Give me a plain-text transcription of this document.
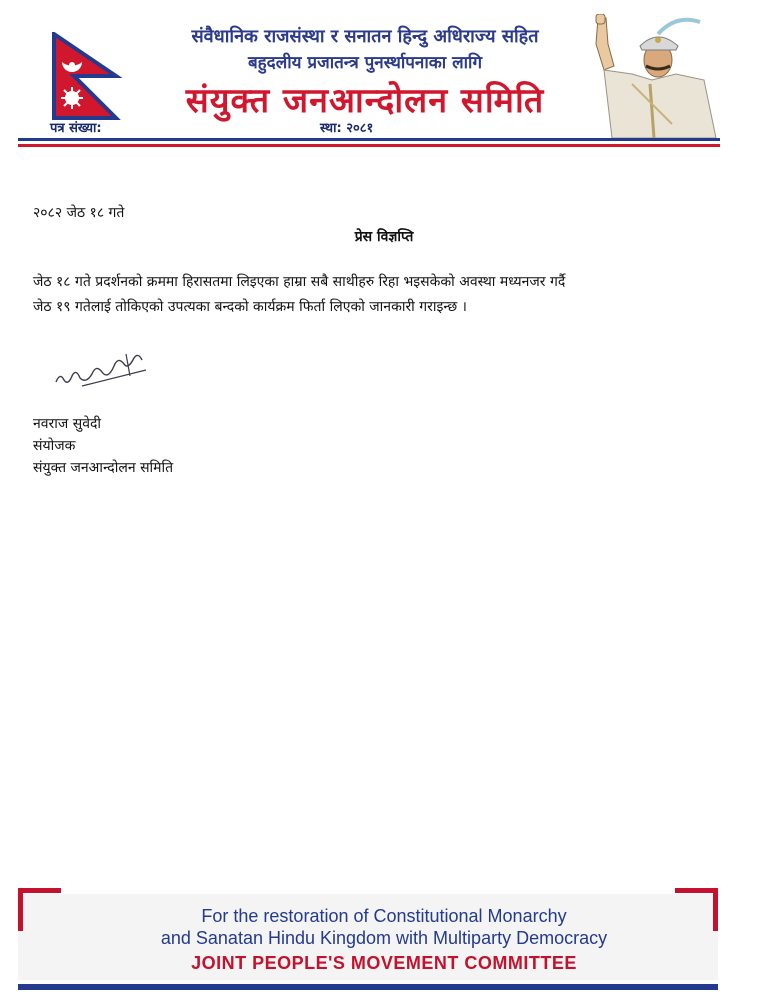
संवैधानिक राजसंस्था र सनातन हिन्दु अधिराज्य सहित
बहुदलीय प्रजातन्त्र पुनर्स्थापनाका लागि
संयुक्त जनआन्दोलन समिति
पत्र संख्या:	स्था: २०८१
२०८२ जेठ १८ गते
प्रेस विज्ञप्ति
जेठ १८ गते प्रदर्शनको क्रममा हिरासतमा लिइएका हाम्रा सबै साथीहरु रिहा भइसकेको अवस्था मध्यनजर गर्दै
जेठ १९ गतेलाई तोकिएको उपत्यका बन्दको कार्यक्रम फिर्ता लिएको जानकारी गराइन्छ ।
नवराज सुवेदी
संयोजक
संयुक्त जनआन्दोलन समिति
For the restoration of Constitutional Monarchy
and Sanatan Hindu Kingdom with Multiparty Democracy
JOINT PEOPLE'S MOVEMENT COMMITTEE
